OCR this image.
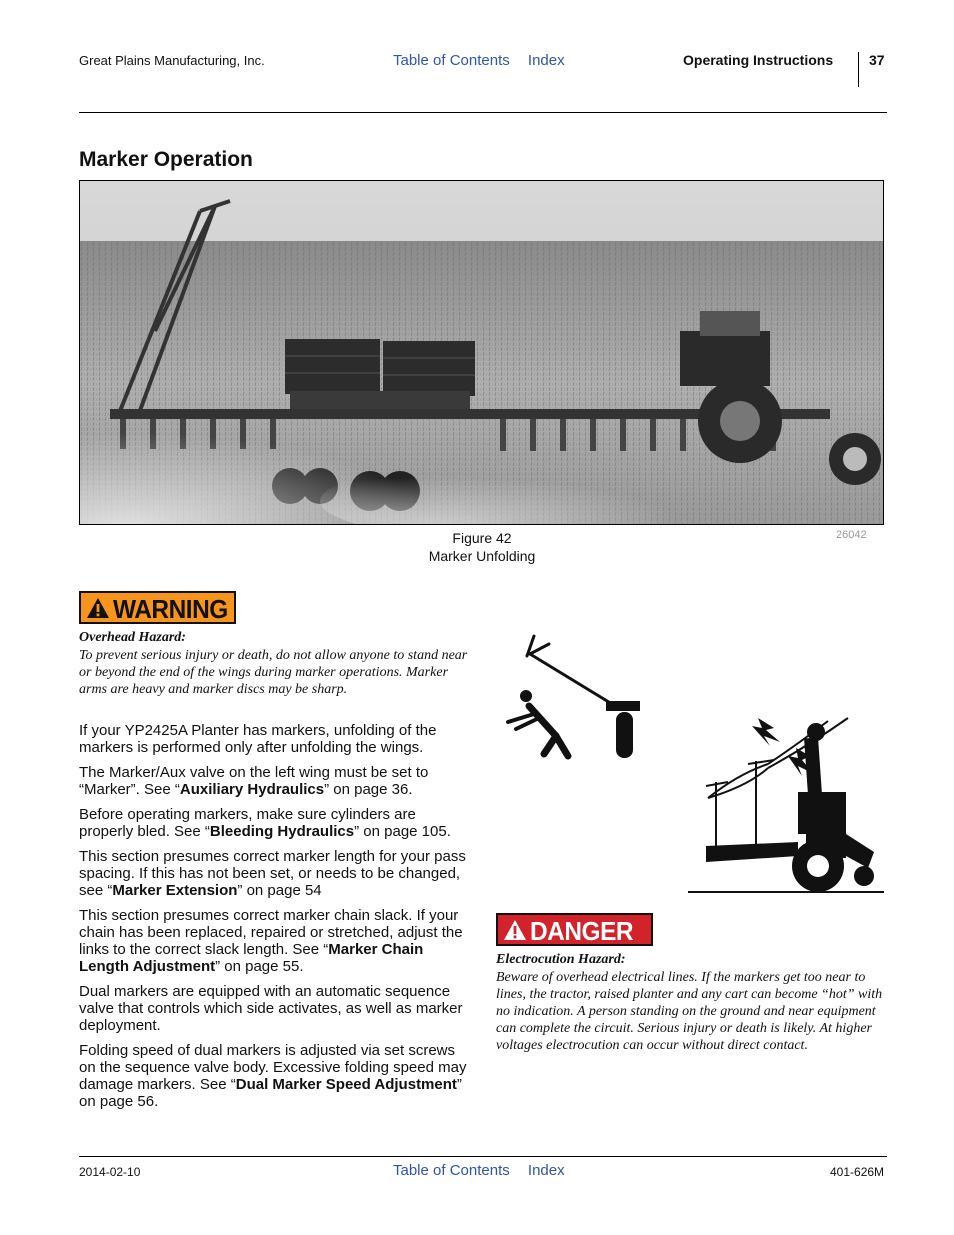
Great Plains Manufacturing, Inc.	Table of Contents Index	Operating Instructions	37
Marker Operation
Figure 42
Marker Unfolding
26042
WARNING
Overhead Hazard:
To prevent serious injury or death, do not allow anyone to stand near or beyond the end of the wings during marker operations. Marker arms are heavy and marker discs may be sharp.

If your YP2425A Planter has markers, unfolding of the markers is performed only after unfolding the wings.

The Marker/Aux valve on the left wing must be set to “Marker”. See “Auxiliary Hydraulics” on page 36.

Before operating markers, make sure cylinders are properly bled. See “Bleeding Hydraulics” on page 105.

This section presumes correct marker length for your pass spacing. If this has not been set, or needs to be changed, see “Marker Extension” on page 54

This section presumes correct marker chain slack. If your chain has been replaced, repaired or stretched, adjust the links to the correct slack length. See “Marker Chain Length Adjustment” on page 55.

Dual markers are equipped with an automatic sequence valve that controls which side activates, as well as marker deployment.

Folding speed of dual markers is adjusted via set screws on the sequence valve body. Excessive folding speed may damage markers. See “Dual Marker Speed Adjustment” on page 56.

DANGER
Electrocution Hazard:
Beware of overhead electrical lines. If the markers get too near to lines, the tractor, raised planter and any cart can become “hot” with no indication. A person standing on the ground and near equipment can complete the circuit. Serious injury or death is likely. At higher voltages electrocution can occur without direct contact.
2014-02-10	Table of Contents Index	401-626M
